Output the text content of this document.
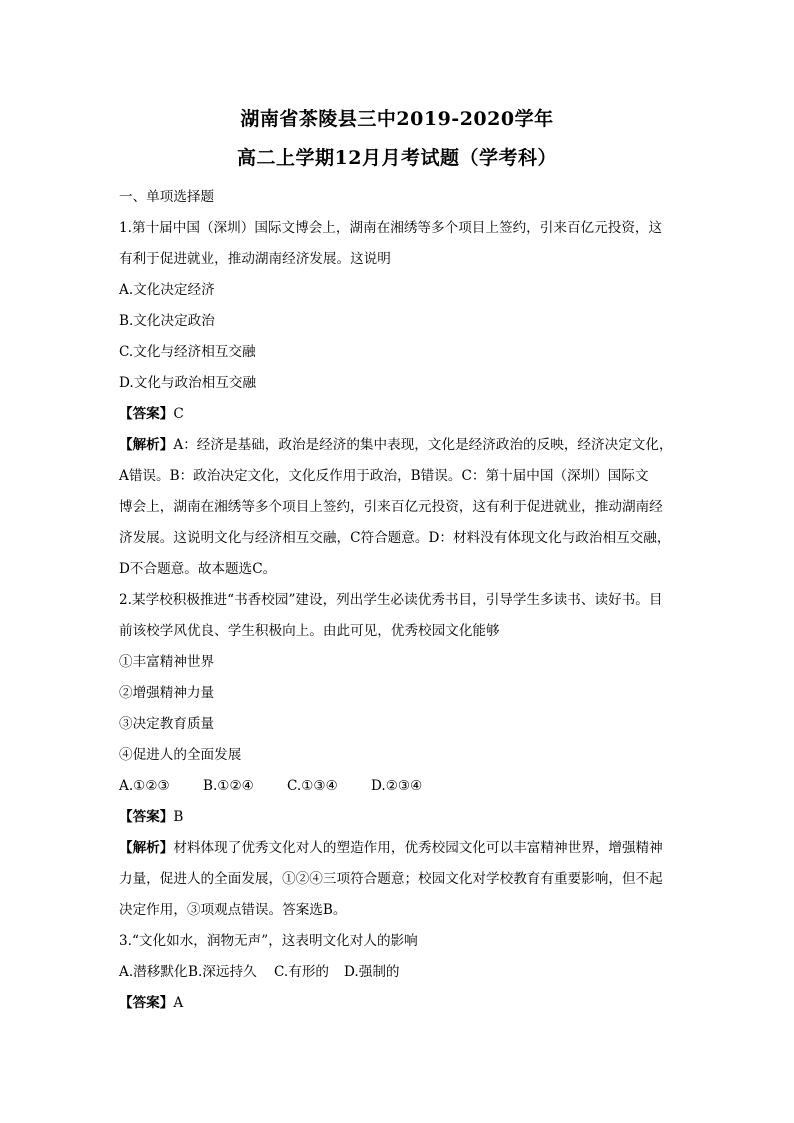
湖南省茶陵县三中2019-2020学年
高二上学期12月月考试题（学考科）
一、单项选择题
1.第十届中国（深圳）国际文博会上，湖南在湘绣等多个项目上签约，引来百亿元投资，这
有利于促进就业，推动湖南经济发展。这说明
A.文化决定经济
B.文化决定政治
C.文化与经济相互交融
D.文化与政治相互交融
【答案】C
【解析】A：经济是基础，政治是经济的集中表现，文化是经济政治的反映，经济决定文化，
A错误。B：政治决定文化，文化反作用于政治，B错误。C：第十届中国（深圳）国际文
博会上，湖南在湘绣等多个项目上签约，引来百亿元投资，这有利于促进就业，推动湖南经
济发展。这说明文化与经济相互交融，C符合题意。D：材料没有体现文化与政治相互交融，
D不合题意。故本题选C。
2.某学校积极推进“书香校园”建设，列出学生必读优秀书目，引导学生多读书、读好书。目
前该校学风优良、学生积极向上。由此可见，优秀校园文化能够
①丰富精神世界
②增强精神力量
③决定教育质量
④促进人的全面发展
A.①②③ B.①②④ C.①③④ D.②③④
【答案】B
【解析】材料体现了优秀文化对人的塑造作用，优秀校园文化可以丰富精神世界，增强精神
力量，促进人的全面发展，①②④三项符合题意；校园文化对学校教育有重要影响，但不起
决定作用，③项观点错误。答案选B。
3.“文化如水，润物无声”，这表明文化对人的影响
A.潜移默化B.深远持久 C.有形的 D.强制的
【答案】A
